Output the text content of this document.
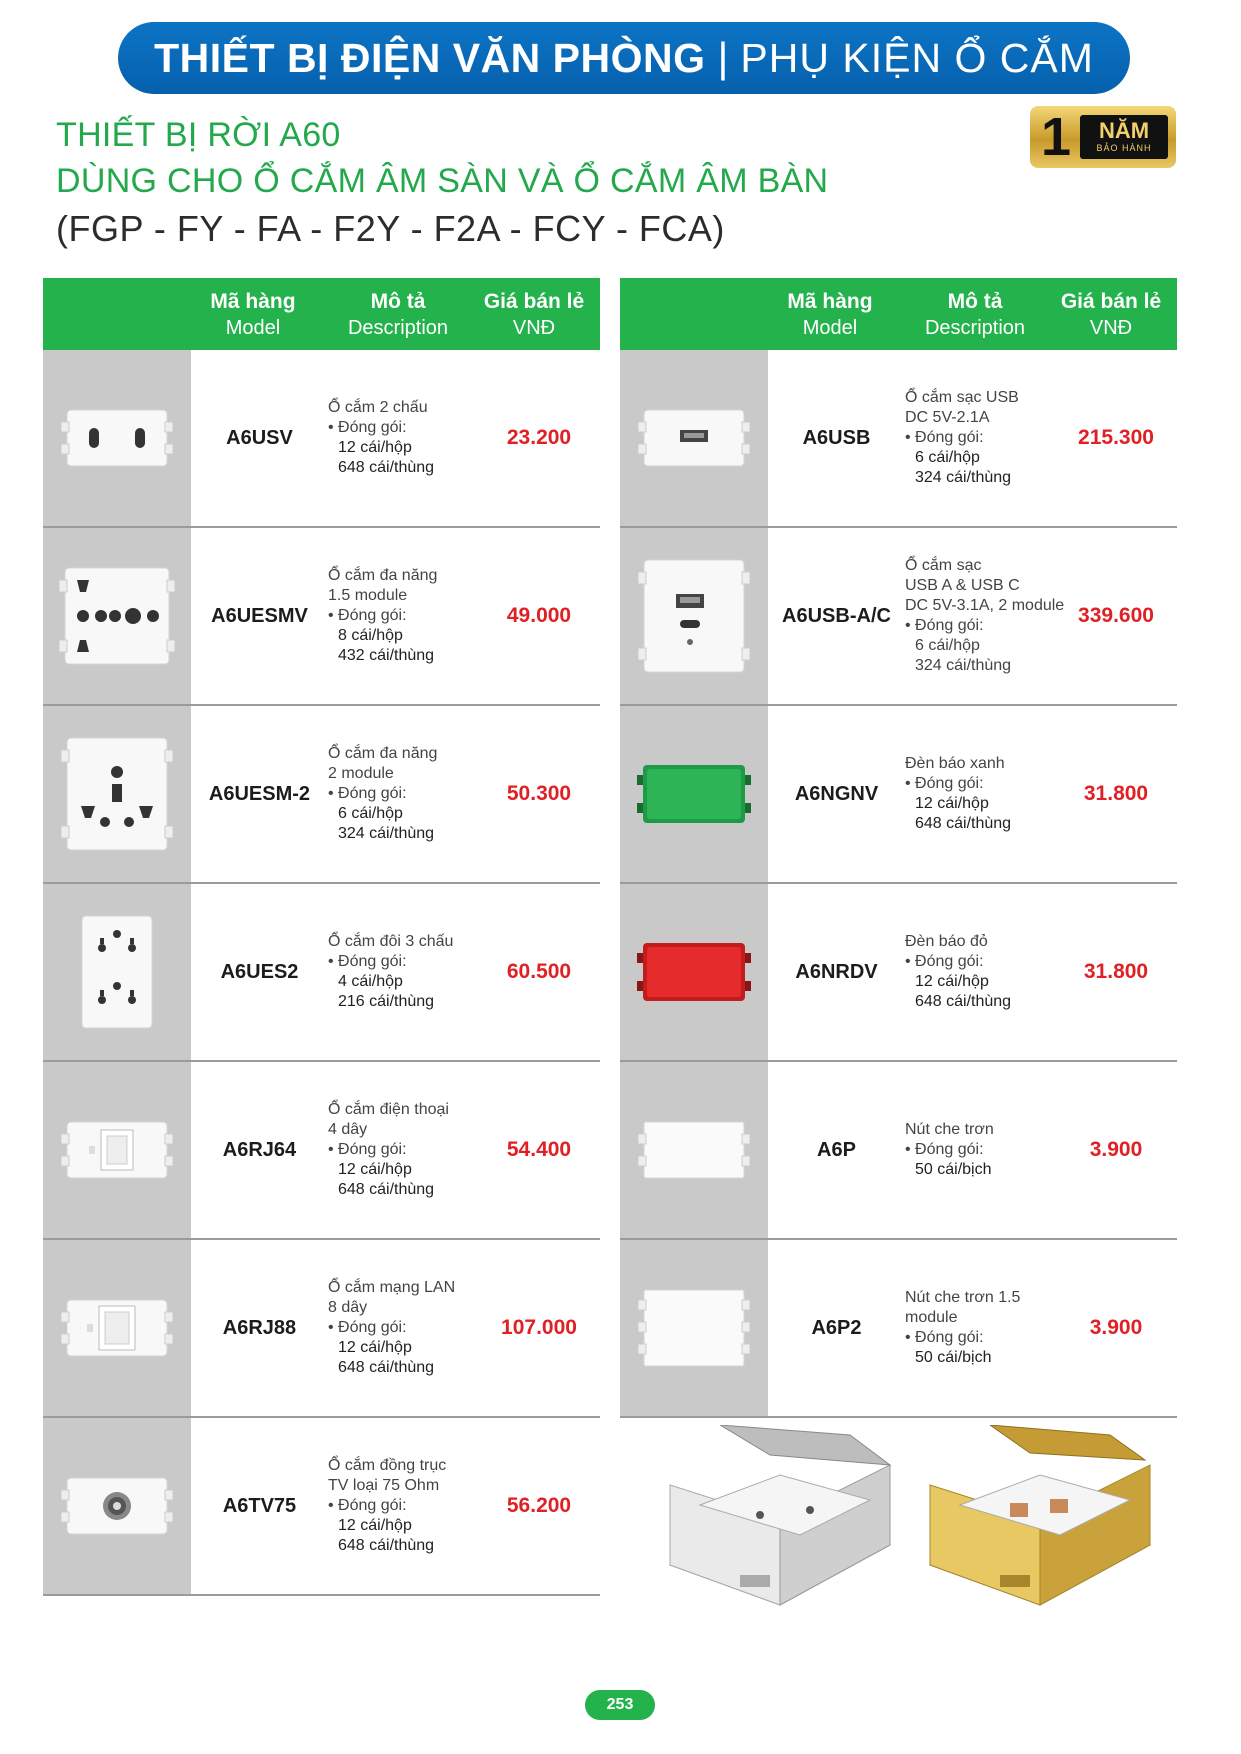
THIẾT BỊ ĐIỆN VĂN PHÒNG | PHỤ KIỆN Ổ CẮM
THIẾT BỊ RỜI A60
DÙNG CHO Ổ CẮM ÂM SÀN VÀ Ổ CẮM ÂM BÀN
(FGP - FY - FA - F2Y - F2A - FCY - FCA)
1 NĂM
BẢO HÀNH
Mã hàng
Model
Mô tả
Description
Giá bán lẻ
VNĐ
A6USV
Ổ cắm 2 chấu
• Đóng gói:
12 cái/hộp
648 cái/thùng
23.200
A6UESMV
Ổ cắm đa năng
1.5 module
• Đóng gói:
8 cái/hộp
432 cái/thùng
49.000
A6UESM-2
Ổ cắm đa năng
2 module
• Đóng gói:
6 cái/hộp
324 cái/thùng
50.300
A6UES2
Ổ cắm đôi 3 chấu
• Đóng gói:
4 cái/hộp
216 cái/thùng
60.500
A6RJ64
Ổ cắm điện thoại
4 dây
• Đóng gói:
12 cái/hộp
648 cái/thùng
54.400
A6RJ88
Ổ cắm mạng LAN
8 dây
• Đóng gói:
12 cái/hộp
648 cái/thùng
107.000
A6TV75
Ổ cắm đồng trục
TV loại 75 Ohm
• Đóng gói:
12 cái/hộp
648 cái/thùng
56.200
Mã hàng
Model
Mô tả
Description
Giá bán lẻ
VNĐ
A6USB
Ổ cắm sạc USB
DC 5V-2.1A
• Đóng gói:
6 cái/hộp
324 cái/thùng
215.300
A6USB-A/C
Ổ cắm sạc
USB A & USB C
DC 5V-3.1A, 2 module
• Đóng gói:
6 cái/hộp
324 cái/thùng
339.600
A6NGNV
Đèn báo xanh
• Đóng gói:
12 cái/hộp
648 cái/thùng
31.800
A6NRDV
Đèn báo đỏ
• Đóng gói:
12 cái/hộp
648 cái/thùng
31.800
A6P
Nút che trơn
• Đóng gói:
50 cái/bịch
3.900
A6P2
Nút che trơn 1.5
module
• Đóng gói:
50 cái/bịch
3.900
253
